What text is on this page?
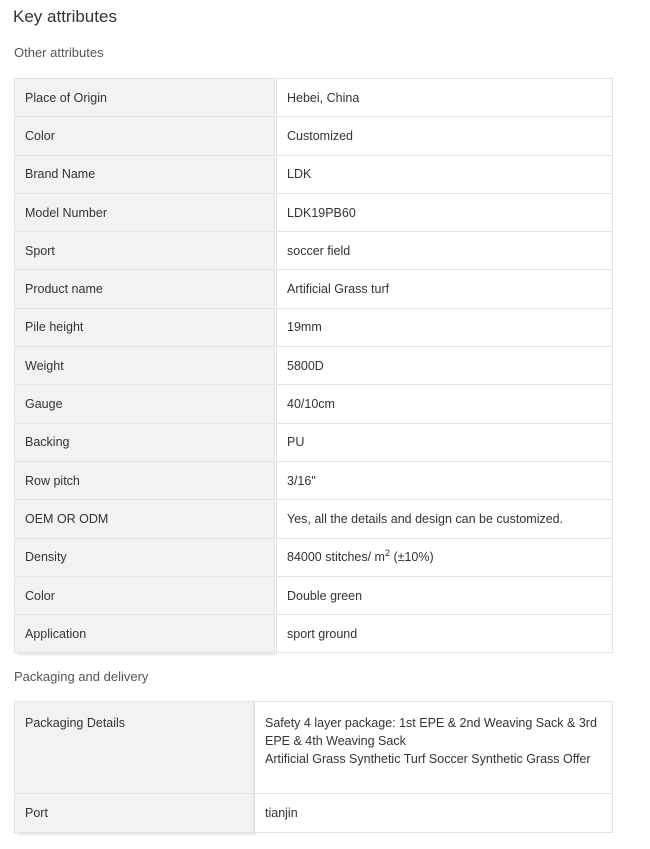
Key attributes
Other attributes
Place of Origin		Hebei, China
Color		Customized
Brand Name		LDK
Model Number		LDK19PB60
Sport		soccer field
Product name		Artificial Grass turf
Pile height		19mm
Weight		5800D
Gauge		40/10cm
Backing		PU
Row pitch		3/16"
OEM OR ODM		Yes, all the details and design can be customized.
Density		84000 stitches/ $m^2$ (±10%)
Color		Double green
Application		sport ground
Packaging and delivery
Packaging Details		Safety 4 layer package: 1st EPE & 2nd Weaving Sack & 3rd EPE & 4th Weaving Sack
Artificial Grass Synthetic Turf Soccer Synthetic Grass Offer

Port		tianjin
